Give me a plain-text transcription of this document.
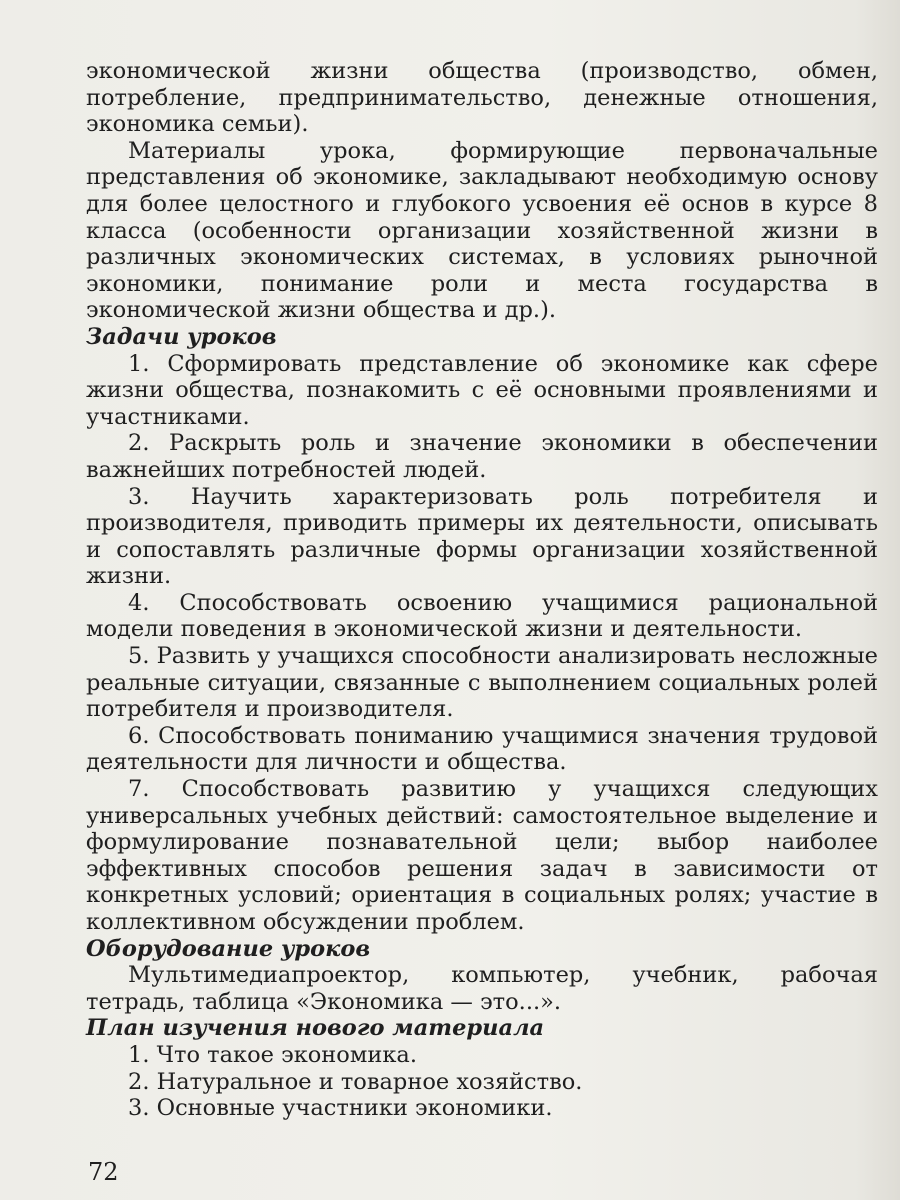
экономической жизни общества (производство, обмен, потребление, предпринимательство, денежные отношения, экономика семьи).

Материалы урока, формирующие первоначальные представления об экономике, закладывают необходимую основу для более целостного и глубокого усвоения её основ в курсе 8 класса (особенности организации хозяйственной жизни в различных экономических системах, в условиях рыночной экономики, понимание роли и места государства в экономической жизни общества и др.).

Задачи уроков

1. Сформировать представление об экономике как сфере жизни общества, познакомить с её основными проявлениями и участниками.

2. Раскрыть роль и значение экономики в обеспечении важнейших потребностей людей.

3. Научить характеризовать роль потребителя и производителя, приводить примеры их деятельности, описывать и сопоставлять различные формы организации хозяйственной жизни.

4. Способствовать освоению учащимися рациональной модели поведения в экономической жизни и деятельности.

5. Развить у учащихся способности анализировать несложные реальные ситуации, связанные с выполнением социальных ролей потребителя и производителя.

6. Способствовать пониманию учащимися значения трудовой деятельности для личности и общества.

7. Способствовать развитию у учащихся следующих универсальных учебных действий: самостоятельное выделение и формулирование познавательной цели; выбор наиболее эффективных способов решения задач в зависимости от конкретных условий; ориентация в социальных ролях; участие в коллективном обсуждении проблем.

Оборудование уроков

Мультимедиапроектор, компьютер, учебник, рабочая тетрадь, таблица «Экономика — это...».

План изучения нового материала

1. Что такое экономика.

2. Натуральное и товарное хозяйство.

3. Основные участники экономики.

72
